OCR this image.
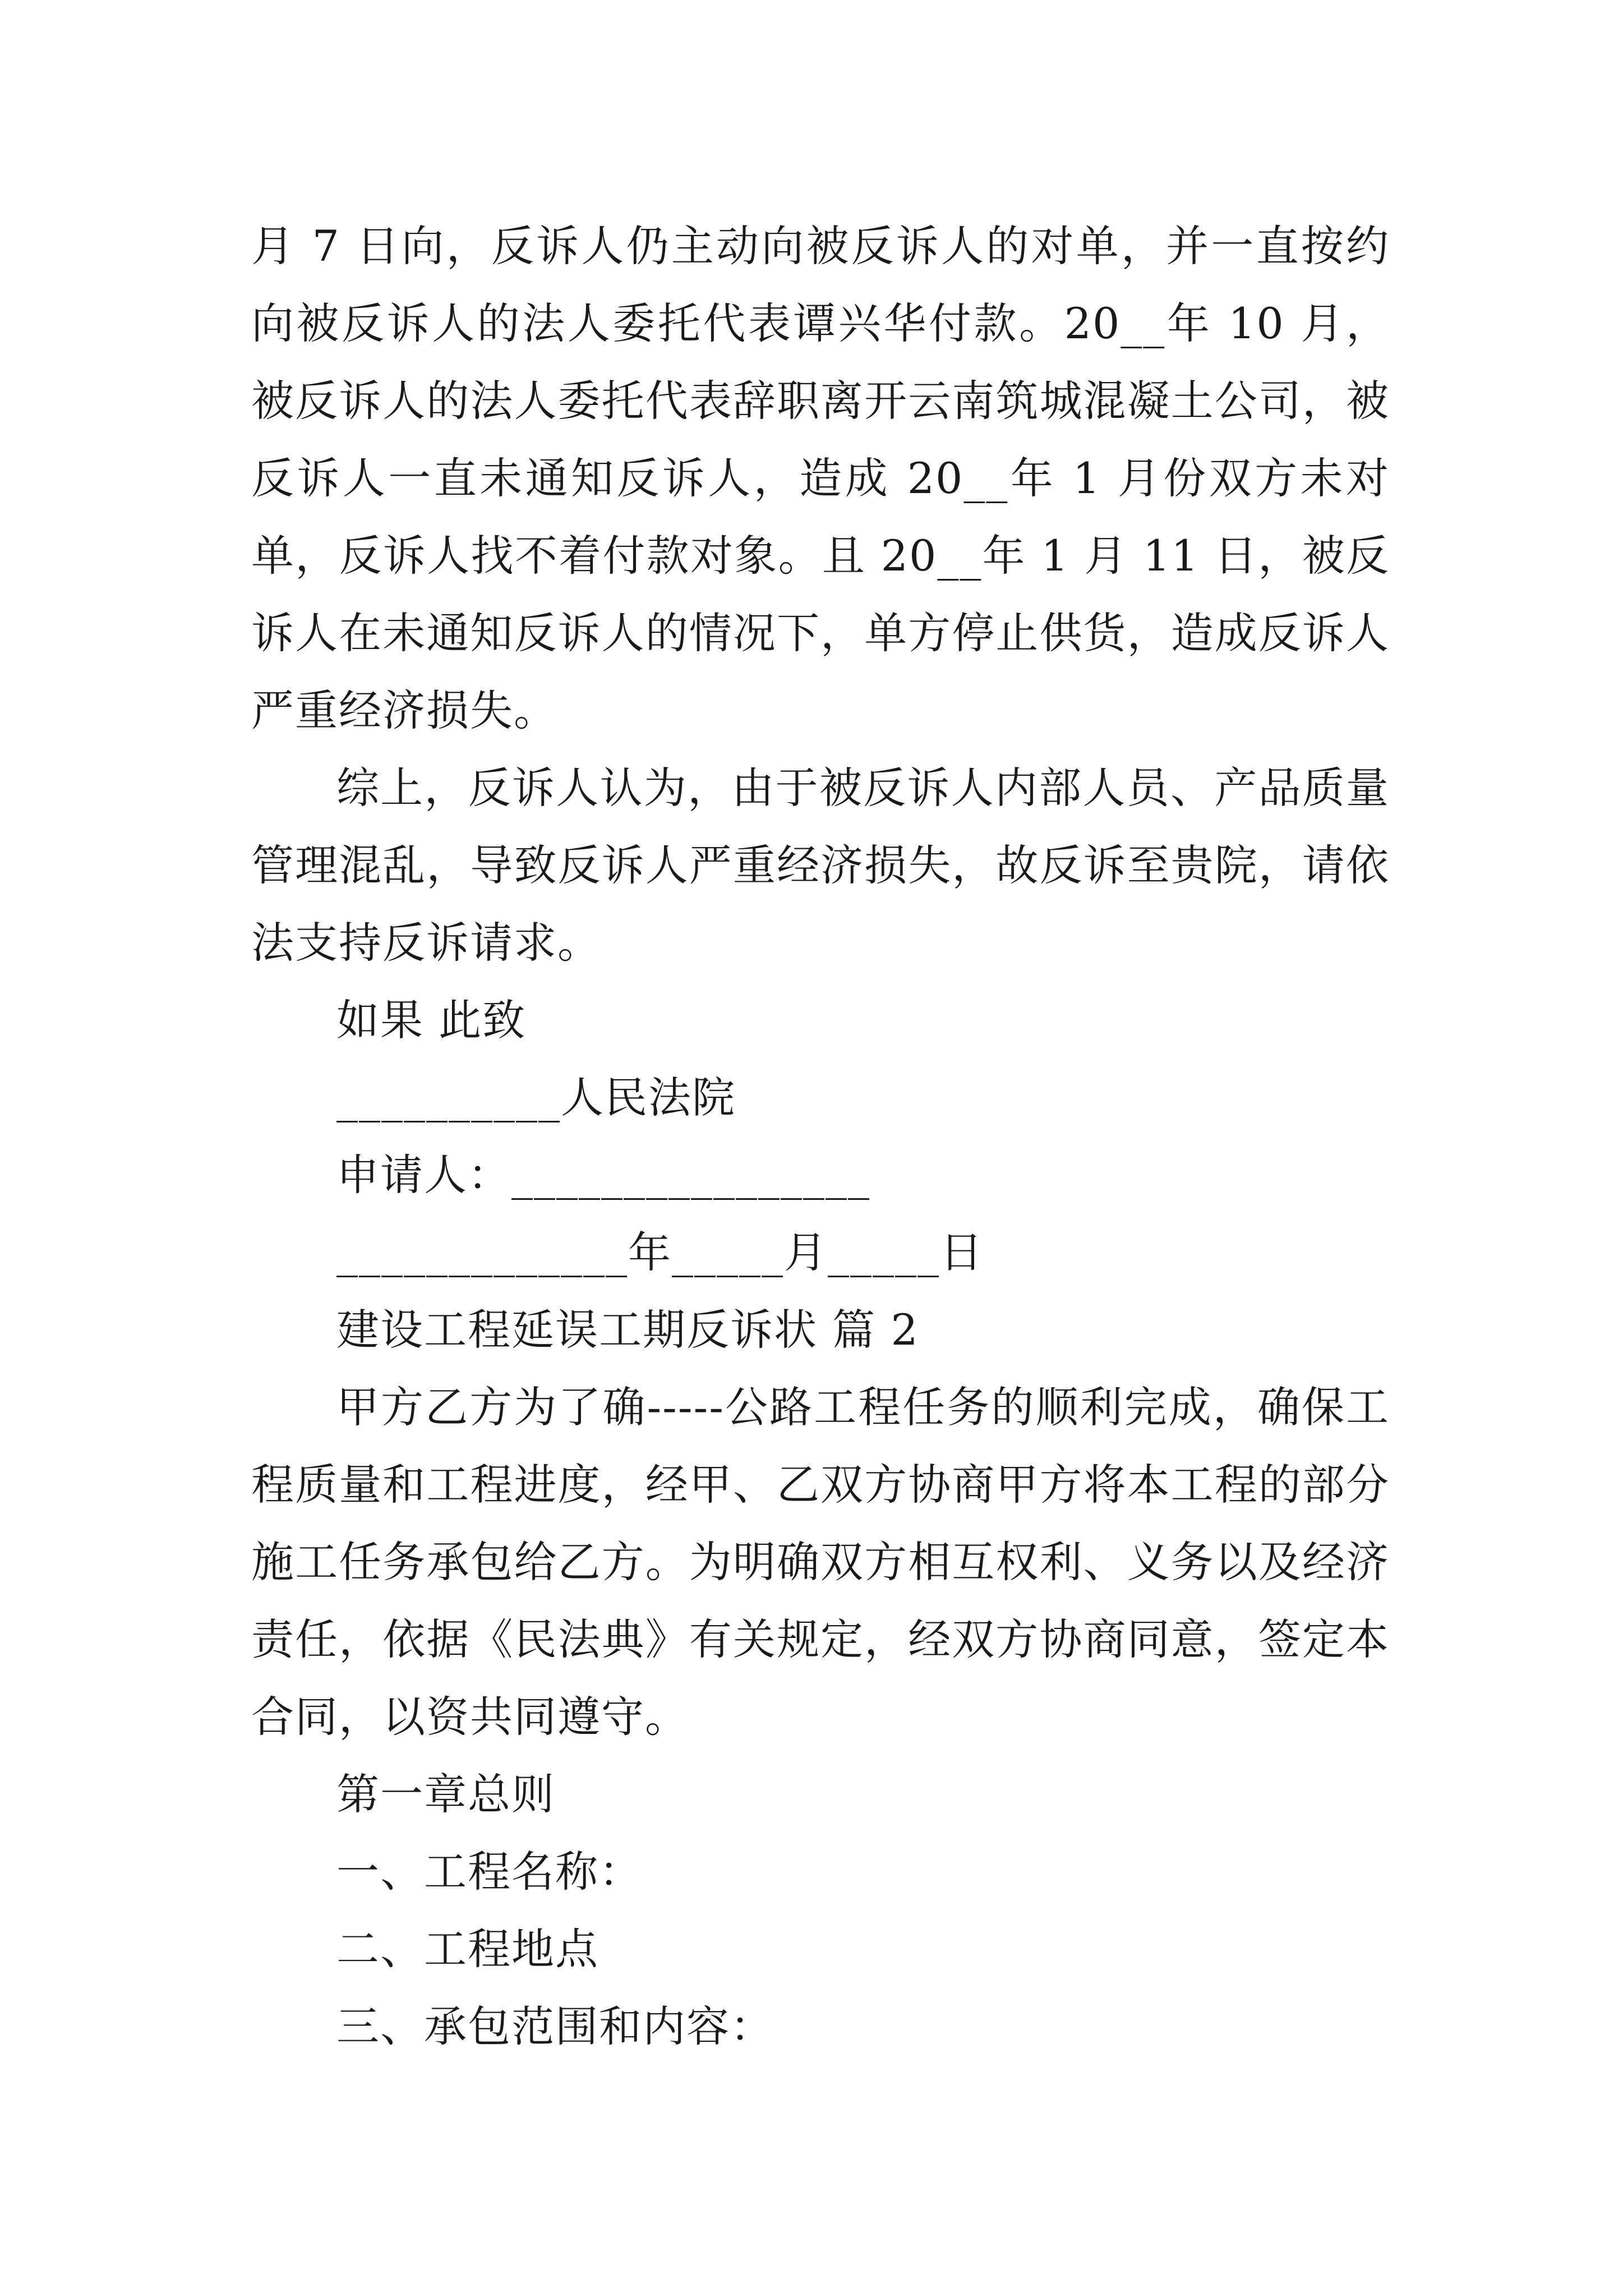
月 7 日向，反诉人仍主动向被反诉人的对单，并一直按约向被反诉人的法人委托代表谭兴华付款。20__年 10 月，被反诉人的法人委托代表辞职离开云南筑城混凝土公司，被反诉人一直未通知反诉人，造成 20__年 1 月份双方未对单，反诉人找不着付款对象。且 20__年 1 月 11 日，被反诉人在未通知反诉人的情况下，单方停止供货，造成反诉人严重经济损失。

综上，反诉人认为，由于被反诉人内部人员、产品质量管理混乱，导致反诉人严重经济损失，故反诉至贵院，请依法支持反诉请求。

如果 此致

__________人民法院

申请人：________________

_____________年_____月_____日

建设工程延误工期反诉状 篇 2

甲方乙方为了确-----公路工程任务的顺利完成，确保工程质量和工程进度，经甲、乙双方协商甲方将本工程的部分施工任务承包给乙方。为明确双方相互权利、义务以及经济责任，依据《民法典》有关规定，经双方协商同意，签定本合同，以资共同遵守。

第一章总则

一、工程名称：

二、工程地点

三、承包范围和内容：
